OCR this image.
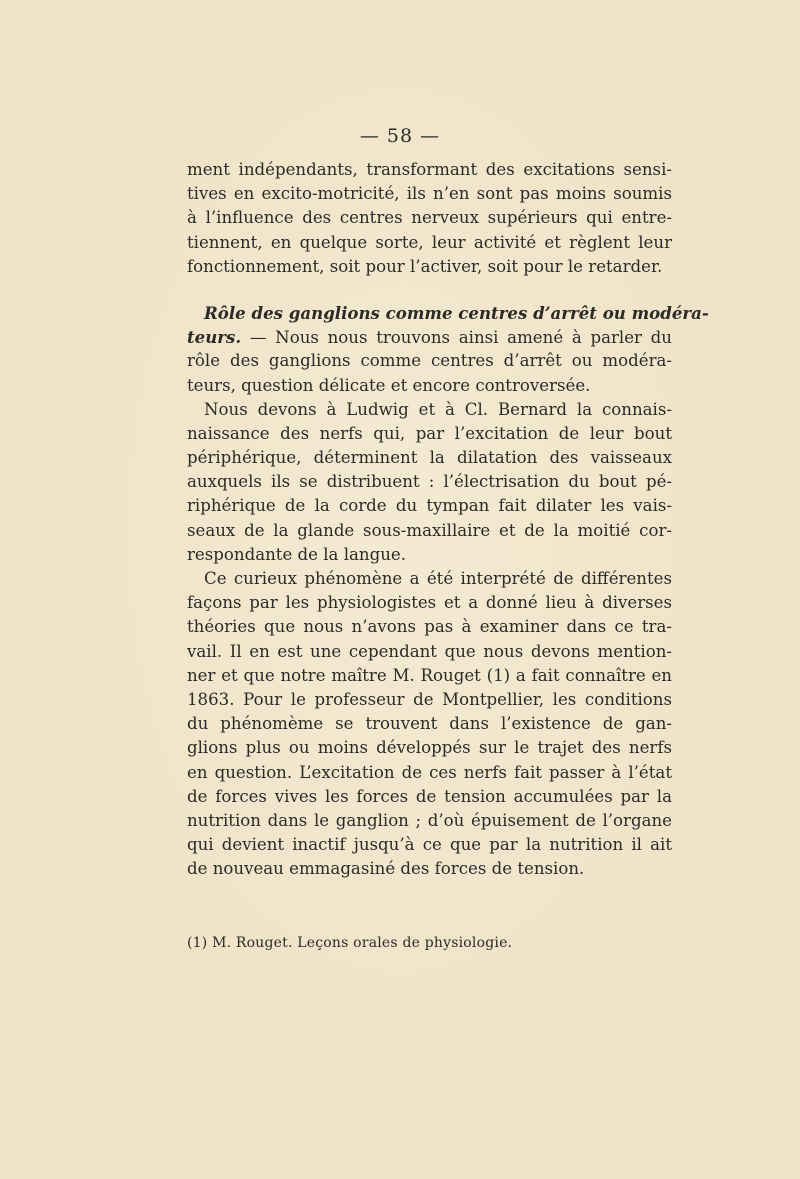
— 58 —
ment indépendants, transformant des excitations sensi-
tives en excito-motricité, ils n’en sont pas moins soumis
à l’influence des centres nerveux supérieurs qui entre-
tiennent, en quelque sorte, leur activité et règlent leur
fonctionnement, soit pour l’activer, soit pour le retarder.
Rôle des ganglions comme centres d’arrêt ou modéra-
teurs. — Nous nous trouvons ainsi amené à parler du
rôle des ganglions comme centres d’arrêt ou modéra-
teurs, question délicate et encore controversée.
Nous devons à Ludwig et à Cl. Bernard la connais-
naissance des nerfs qui, par l’excitation de leur bout
périphérique, déterminent la dilatation des vaisseaux
auxquels ils se distribuent : l’électrisation du bout pé-
riphérique de la corde du tympan fait dilater les vais-
seaux de la glande sous-maxillaire et de la moitié cor-
respondante de la langue.
Ce curieux phénomène a été interprété de différentes
façons par les physiologistes et a donné lieu à diverses
théories que nous n’avons pas à examiner dans ce tra-
vail. Il en est une cependant que nous devons mention-
ner et que notre maître M. Rouget (1) a fait connaître en
1863. Pour le professeur de Montpellier, les conditions
du phénomème se trouvent dans l’existence de gan-
glions plus ou moins développés sur le trajet des nerfs
en question. L’excitation de ces nerfs fait passer à l’état
de forces vives les forces de tension accumulées par la
nutrition dans le ganglion ; d’où épuisement de l’organe
qui devient inactif jusqu’à ce que par la nutrition il ait
de nouveau emmagasiné des forces de tension.
(1) M. Rouget. Leçons orales de physiologie.
